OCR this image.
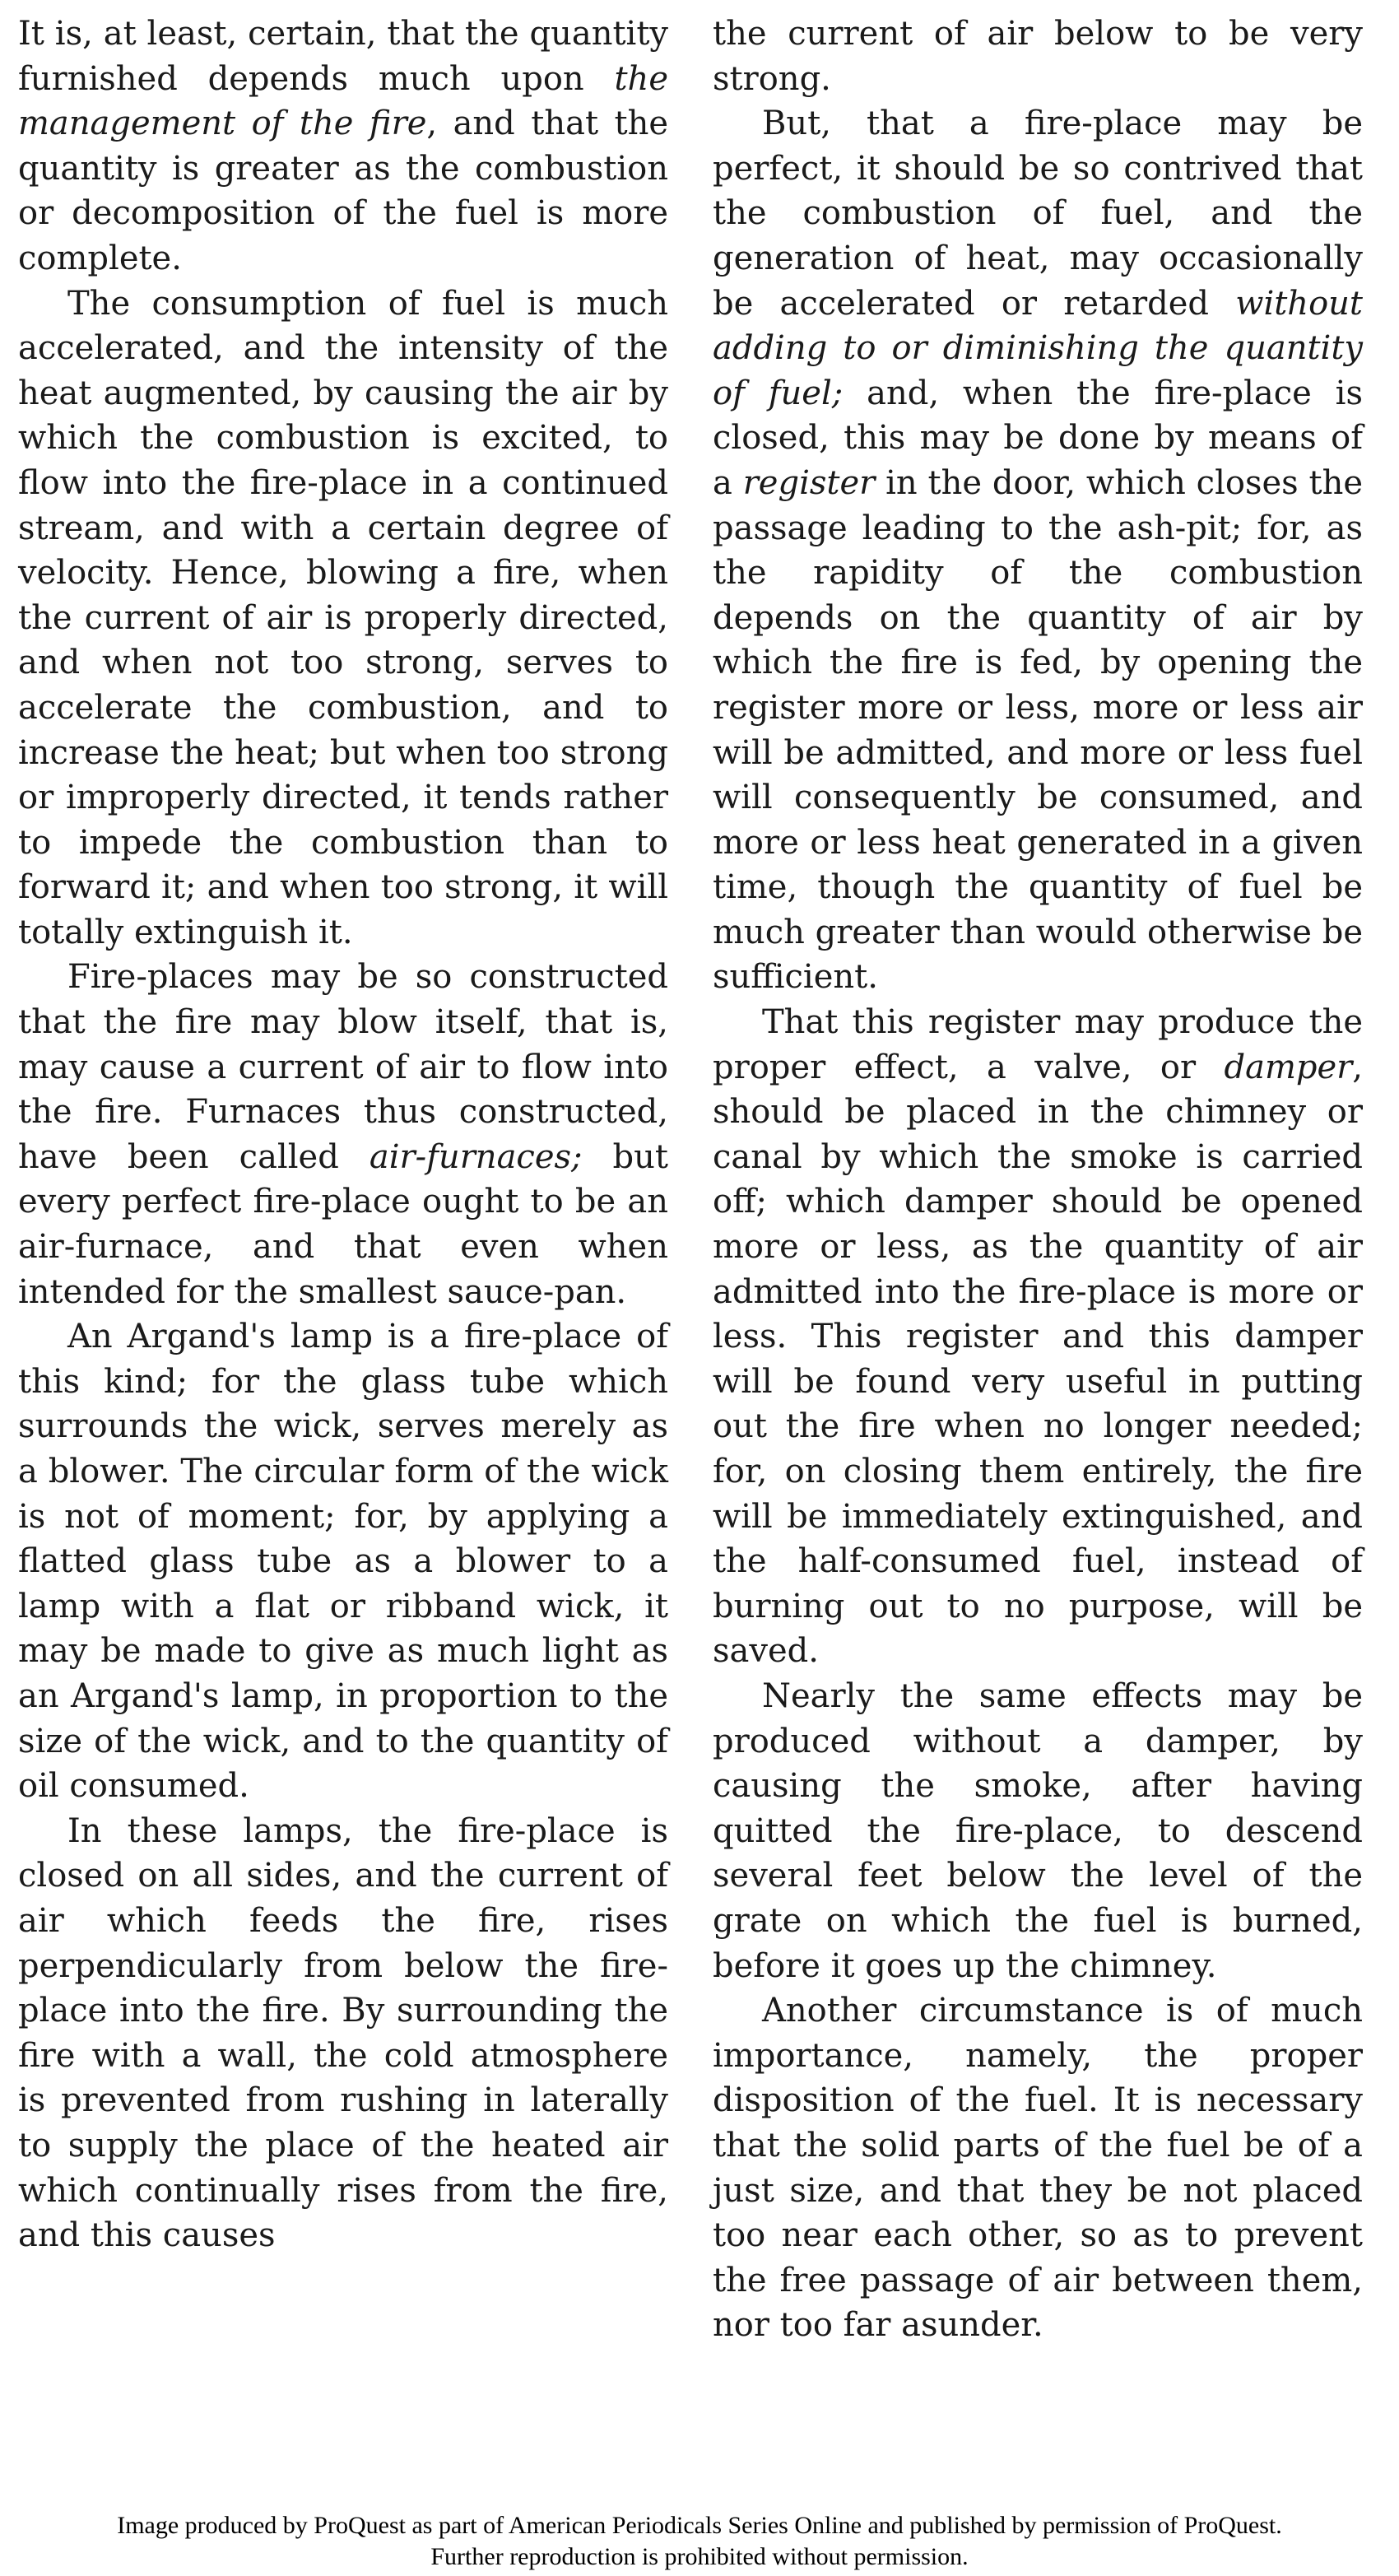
It is, at least, certain, that the quantity furnished depends much upon the management of the fire, and that the quantity is greater as the combustion or decomposition of the fuel is more complete.

The consumption of fuel is much accelerated, and the intensity of the heat augmented, by causing the air by which the combustion is excited, to flow into the fire-place in a continued stream, and with a certain degree of velocity. Hence, blowing a fire, when the current of air is properly directed, and when not too strong, serves to accelerate the combustion, and to increase the heat; but when too strong or improperly directed, it tends rather to impede the combustion than to forward it; and when too strong, it will totally extinguish it.

Fire-places may be so constructed that the fire may blow itself, that is, may cause a current of air to flow into the fire. Furnaces thus constructed, have been called air-furnaces; but every perfect fire-place ought to be an air-furnace, and that even when intended for the smallest sauce-pan.

An Argand's lamp is a fire-place of this kind; for the glass tube which surrounds the wick, serves merely as a blower. The circular form of the wick is not of moment; for, by applying a flatted glass tube as a blower to a lamp with a flat or ribband wick, it may be made to give as much light as an Argand's lamp, in proportion to the size of the wick, and to the quantity of oil consumed.

In these lamps, the fire-place is closed on all sides, and the current of air which feeds the fire, rises perpendicularly from below the fire-place into the fire. By surrounding the fire with a wall, the cold atmosphere is prevented from rushing in laterally to supply the place of the heated air which continually rises from the fire, and this causes

the current of air below to be very strong.

But, that a fire-place may be perfect, it should be so contrived that the combustion of fuel, and the generation of heat, may occasionally be accelerated or retarded without adding to or diminishing the quantity of fuel; and, when the fire-place is closed, this may be done by means of a register in the door, which closes the passage leading to the ash-pit; for, as the rapidity of the combustion depends on the quantity of air by which the fire is fed, by opening the register more or less, more or less air will be admitted, and more or less fuel will consequently be consumed, and more or less heat generated in a given time, though the quantity of fuel be much greater than would otherwise be sufficient.

That this register may produce the proper effect, a valve, or damper, should be placed in the chimney or canal by which the smoke is carried off; which damper should be opened more or less, as the quantity of air admitted into the fire-place is more or less. This register and this damper will be found very useful in putting out the fire when no longer needed; for, on closing them entirely, the fire will be immediately extinguished, and the half-consumed fuel, instead of burning out to no purpose, will be saved.

Nearly the same effects may be produced without a damper, by causing the smoke, after having quitted the fire-place, to descend several feet below the level of the grate on which the fuel is burned, before it goes up the chimney.

Another circumstance is of much importance, namely, the proper disposition of the fuel. It is necessary that the solid parts of the fuel be of a just size, and that they be not placed too near each other, so as to prevent the free passage of air between them, nor too far asunder.

Image produced by ProQuest as part of American Periodicals Series Online and published by permission of ProQuest.
Further reproduction is prohibited without permission.
